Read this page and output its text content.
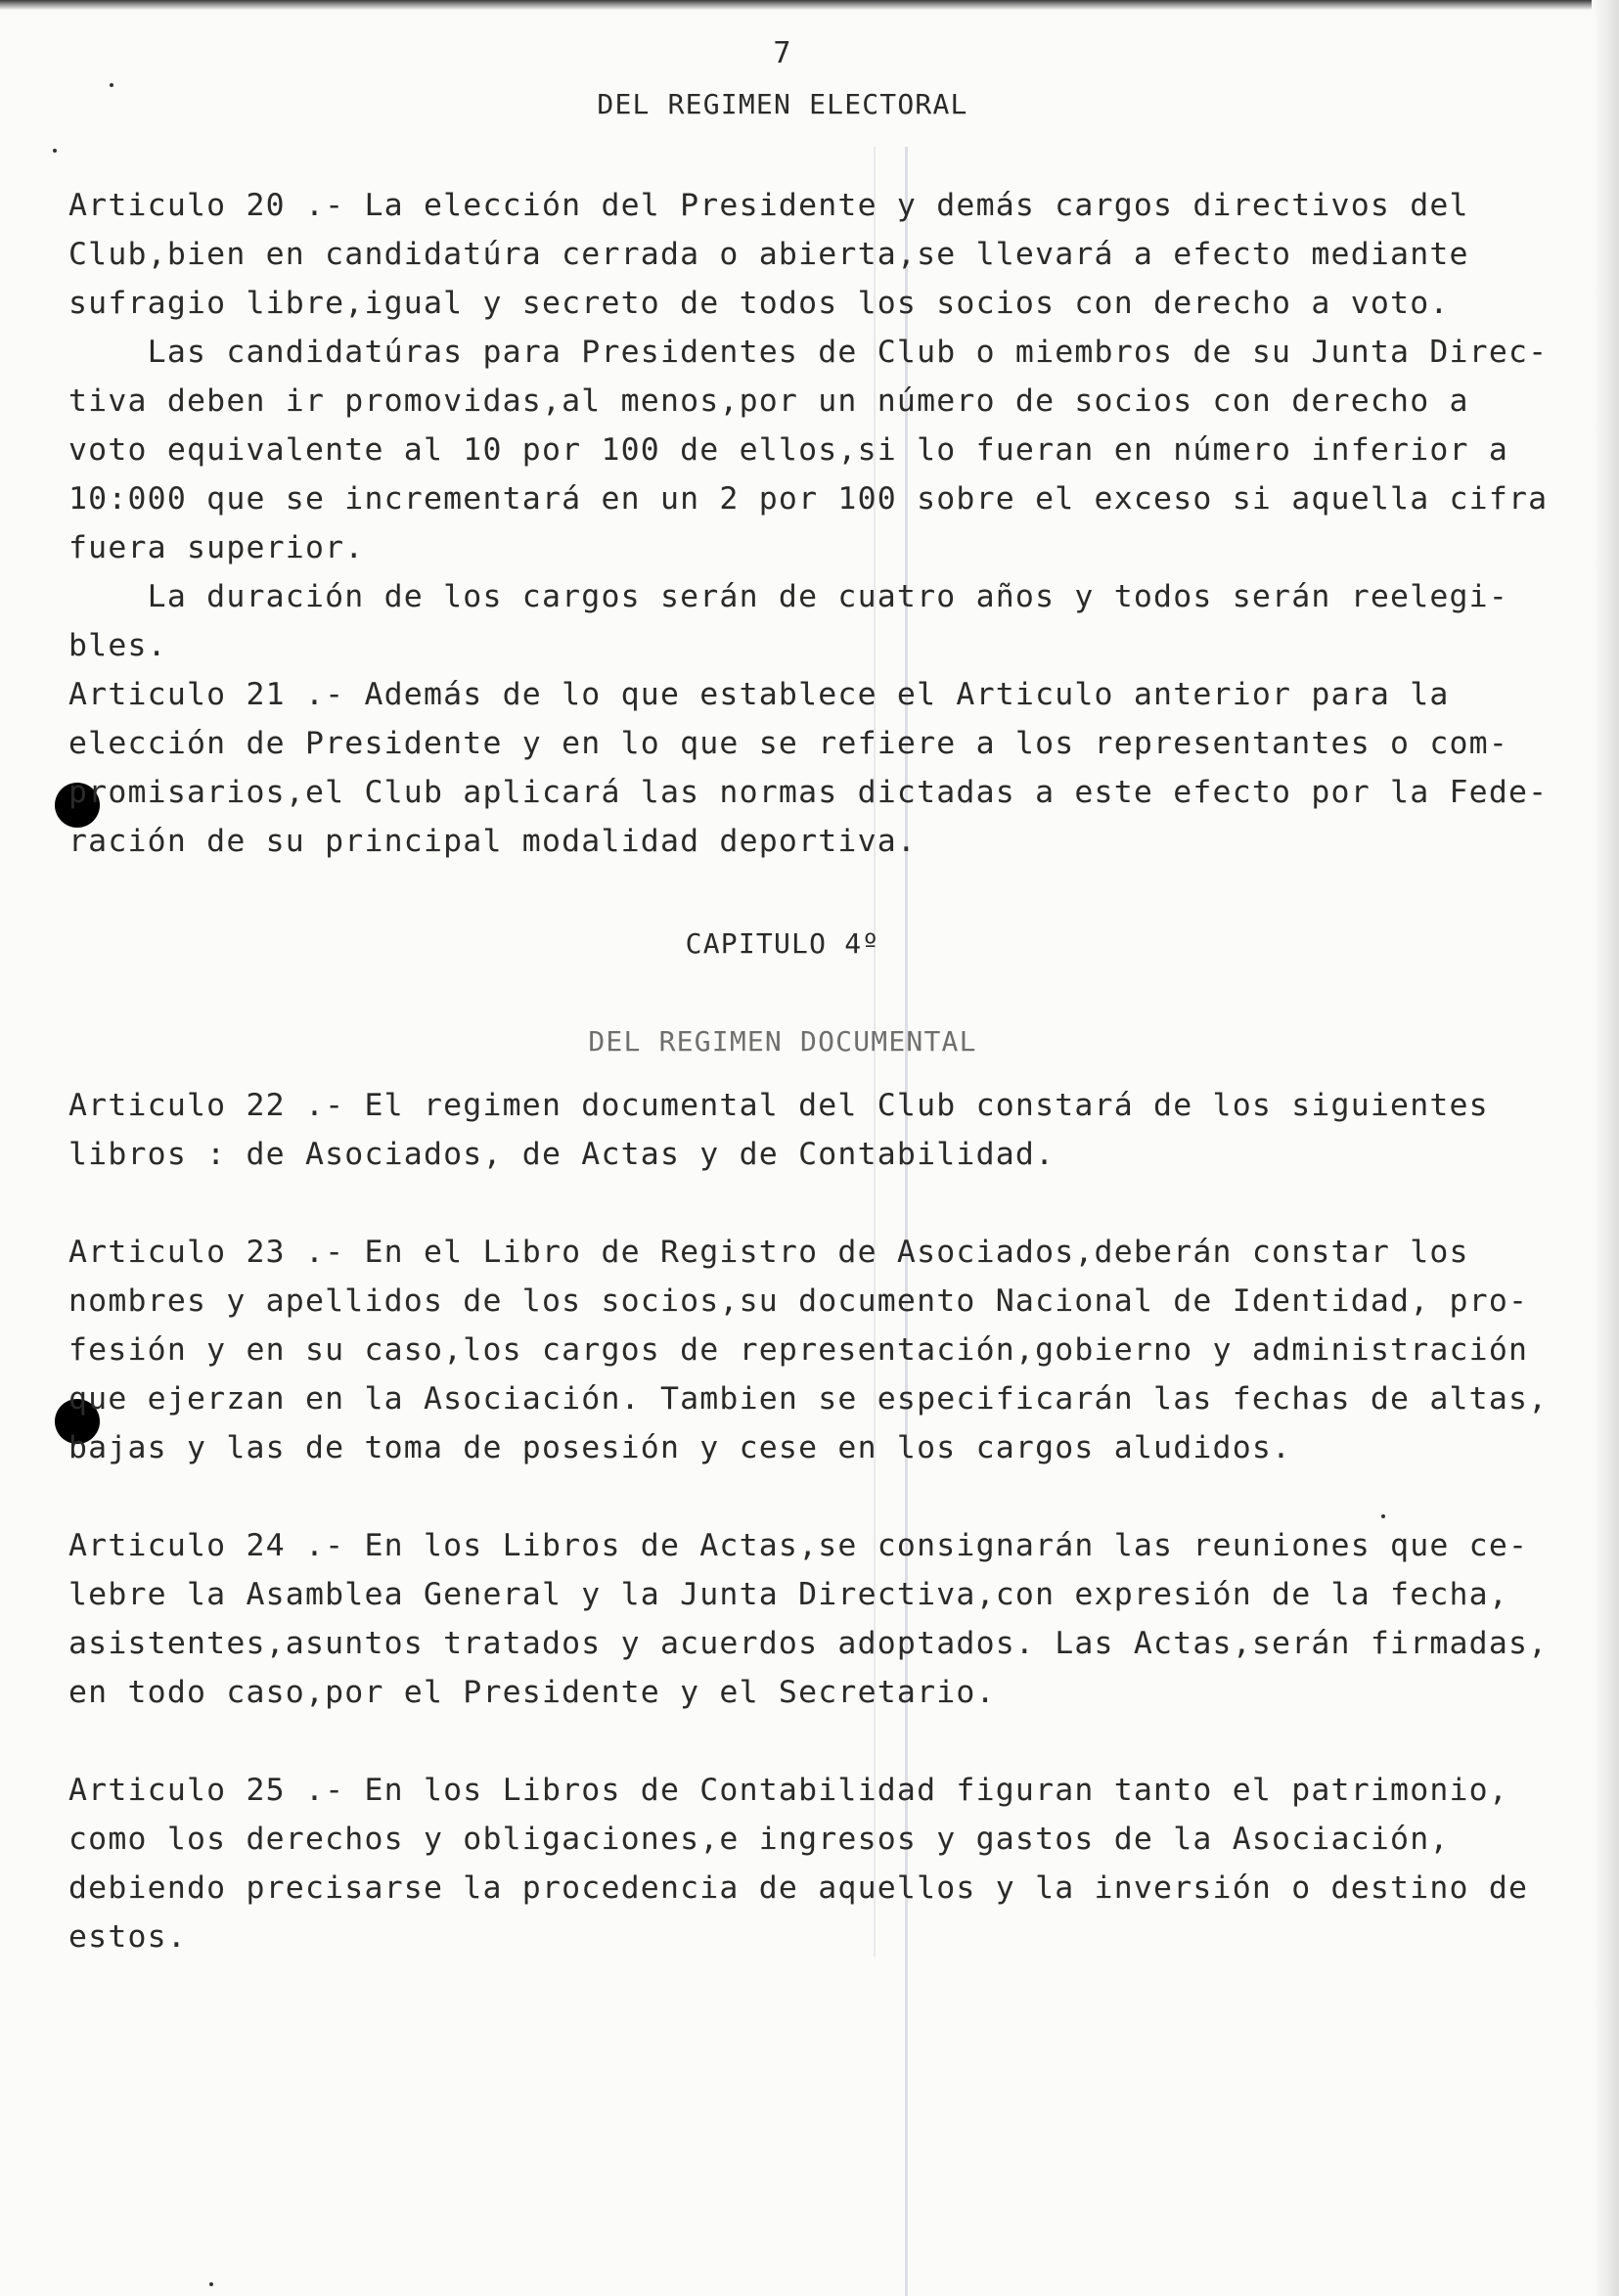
7
DEL REGIMEN ELECTORAL
Articulo 20 .- La elección del Presidente y demás cargos directivos del
Club,bien en candidatúra cerrada o abierta,se llevará a efecto mediante
sufragio libre,igual y secreto de todos los socios con derecho a voto.
Las candidatúras para Presidentes de Club o miembros de su Junta Direc-
tiva deben ir promovidas,al menos,por un número de socios con derecho a
voto equivalente al 10 por 100 de ellos,si lo fueran en número inferior a
10:000 que se incrementará en un 2 por 100 sobre el exceso si aquella cifra
fuera superior.
La duración de los cargos serán de cuatro años y todos serán reelegi-
bles.
Articulo 21 .- Además de lo que establece el Articulo anterior para la
elección de Presidente y en lo que se refiere a los representantes o com-
promisarios,el Club aplicará las normas dictadas a este efecto por la Fede-
ración de su principal modalidad deportiva.
CAPITULO 4º
DEL REGIMEN DOCUMENTAL
Articulo 22 .- El regimen documental del Club constará de los siguientes
libros : de Asociados, de Actas y de Contabilidad.
Articulo 23 .- En el Libro de Registro de Asociados,deberán constar los
nombres y apellidos de los socios,su documento Nacional de Identidad, pro-
fesión y en su caso,los cargos de representación,gobierno y administración
que ejerzan en la Asociación. Tambien se especificarán las fechas de altas,
bajas y las de toma de posesión y cese en los cargos aludidos.
Articulo 24 .- En los Libros de Actas,se consignarán las reuniones que ce-
lebre la Asamblea General y la Junta Directiva,con expresión de la fecha,
asistentes,asuntos tratados y acuerdos adoptados. Las Actas,serán firmadas,
en todo caso,por el Presidente y el Secretario.
Articulo 25 .- En los Libros de Contabilidad figuran tanto el patrimonio,
como los derechos y obligaciones,e ingresos y gastos de la Asociación,
debiendo precisarse la procedencia de aquellos y la inversión o destino de
estos.
